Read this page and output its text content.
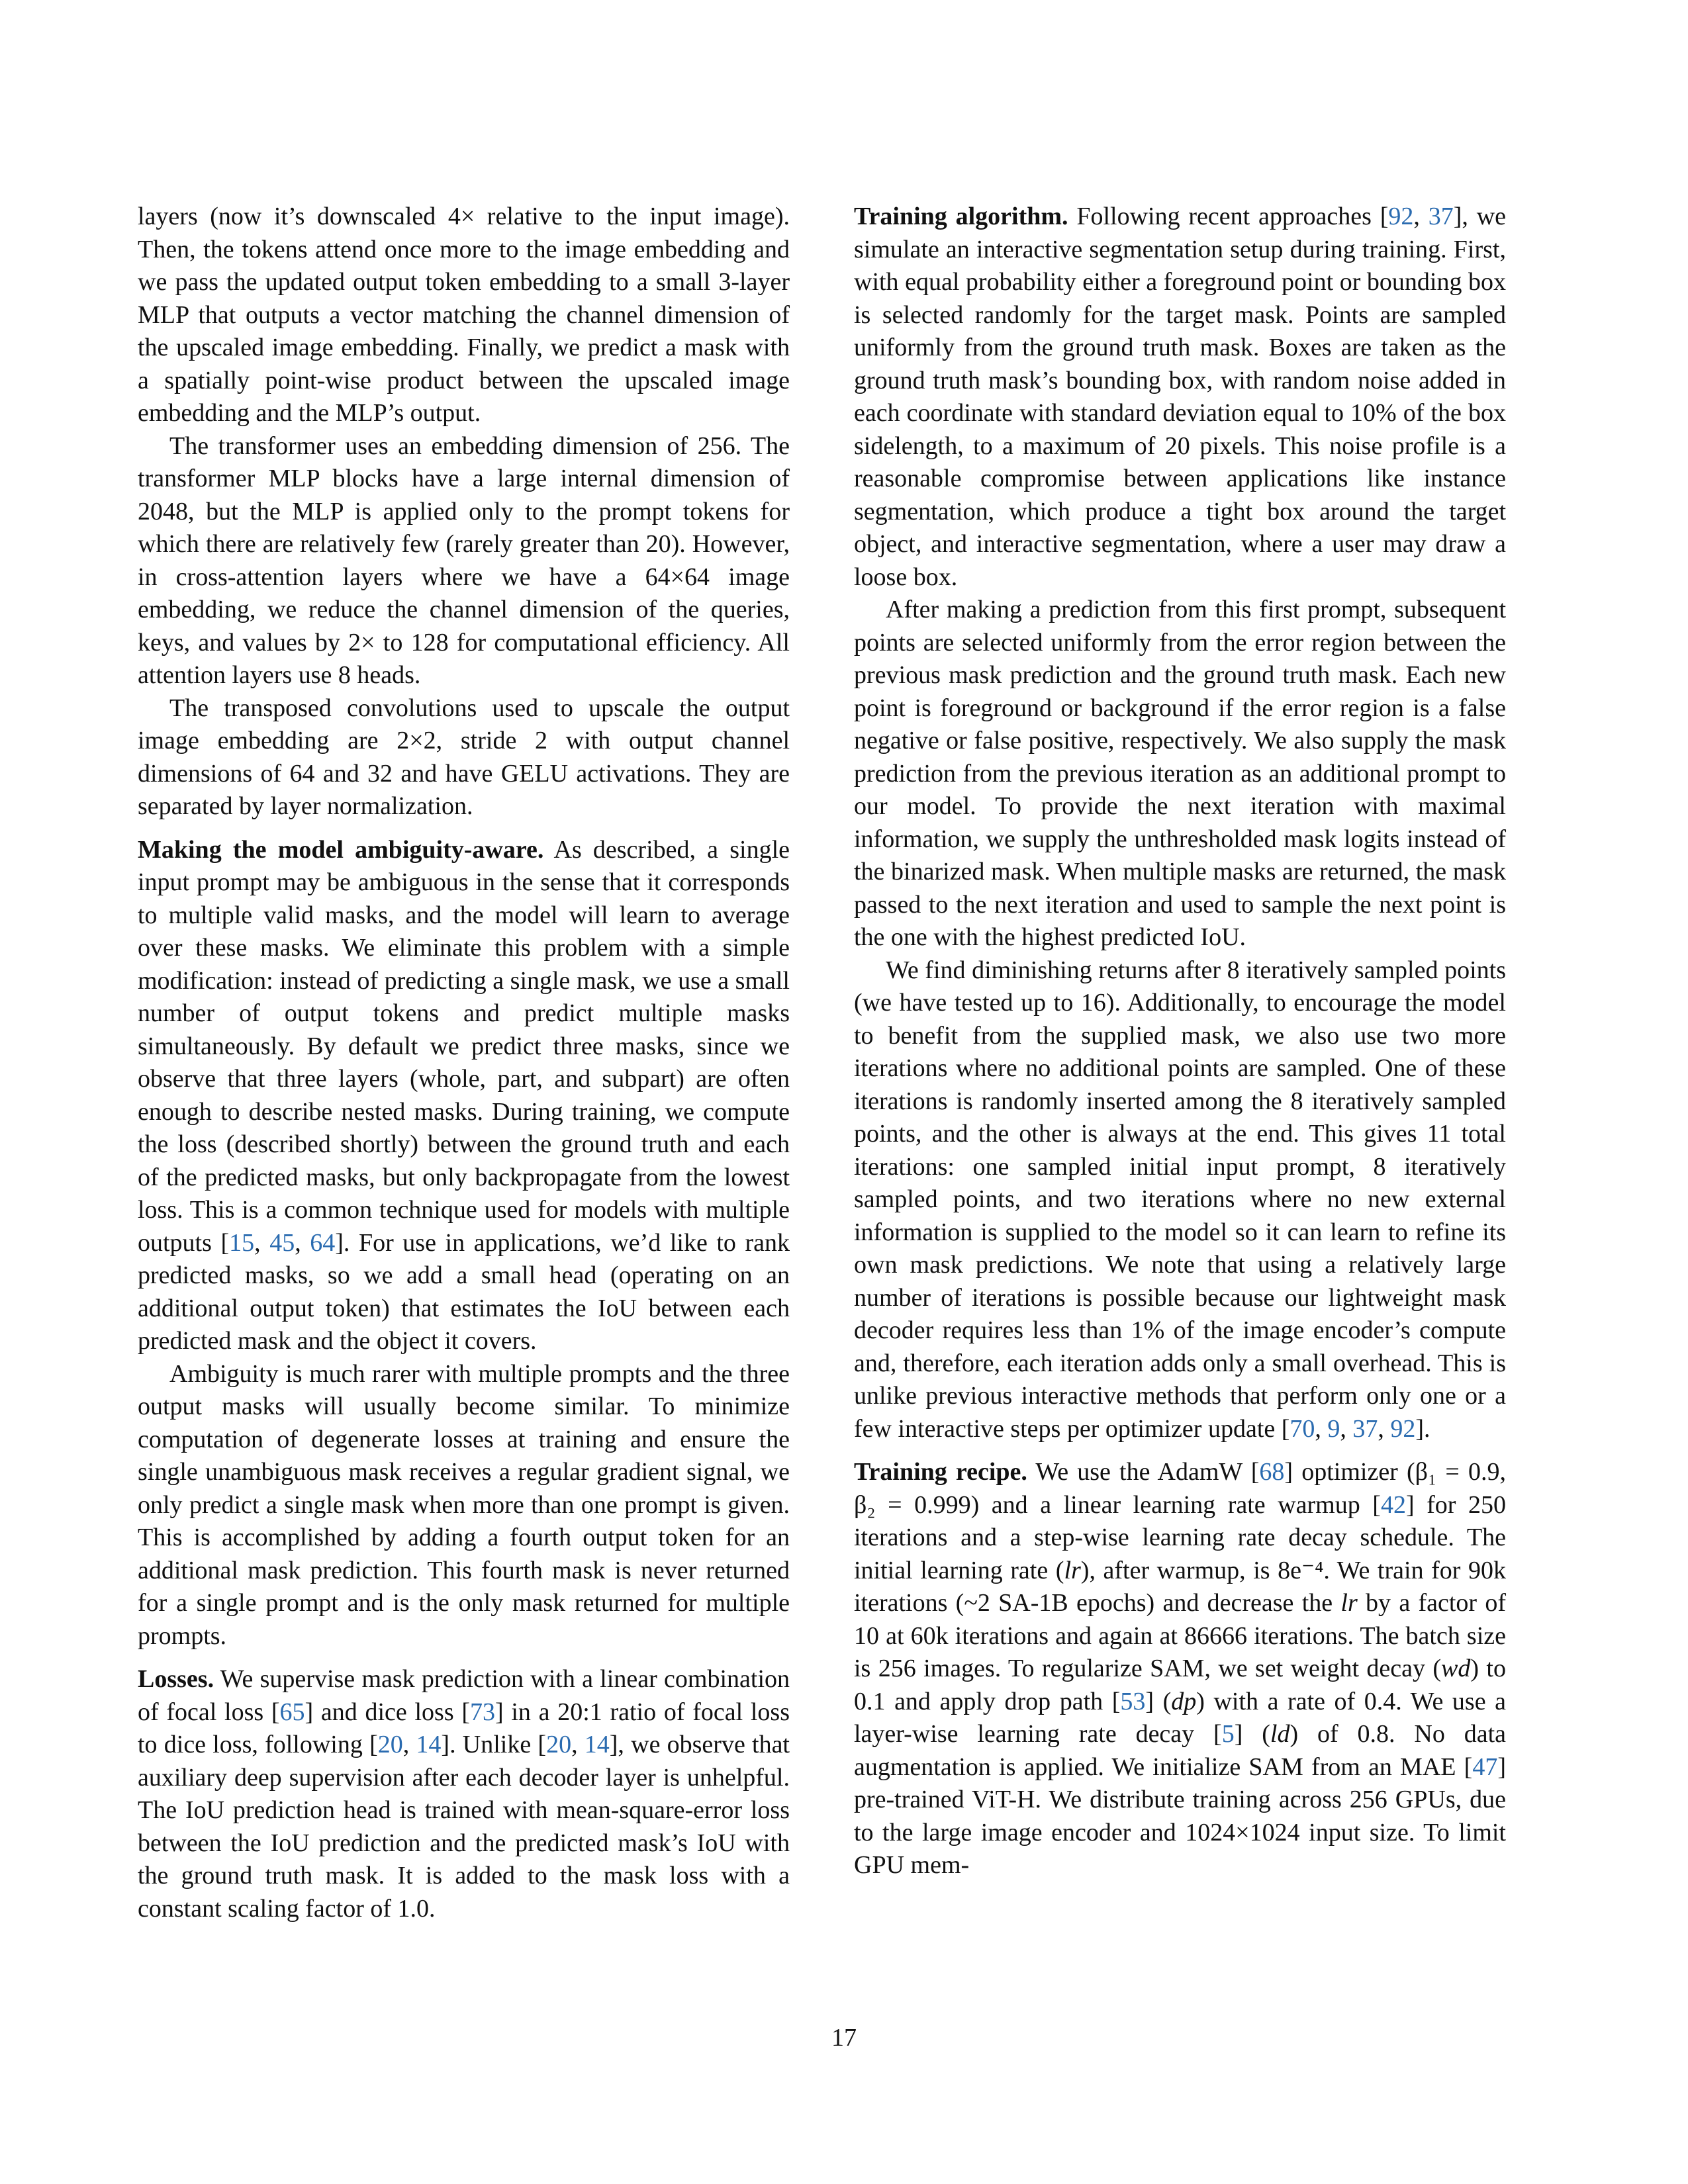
layers (now it’s downscaled 4× relative to the input image). Then, the tokens attend once more to the image embedding and we pass the updated output token embedding to a small 3-layer MLP that outputs a vector matching the channel dimension of the upscaled image embedding. Finally, we predict a mask with a spatially point-wise product between the upscaled image embedding and the MLP’s output.

The transformer uses an embedding dimension of 256. The transformer MLP blocks have a large internal dimension of 2048, but the MLP is applied only to the prompt tokens for which there are relatively few (rarely greater than 20). However, in cross-attention layers where we have a 64×64 image embedding, we reduce the channel dimension of the queries, keys, and values by 2× to 128 for computational efficiency. All attention layers use 8 heads.

The transposed convolutions used to upscale the output image embedding are 2×2, stride 2 with output channel dimensions of 64 and 32 and have GELU activations. They are separated by layer normalization.

Making the model ambiguity-aware. As described, a single input prompt may be ambiguous in the sense that it corresponds to multiple valid masks, and the model will learn to average over these masks. We eliminate this problem with a simple modification: instead of predicting a single mask, we use a small number of output tokens and predict multiple masks simultaneously. By default we predict three masks, since we observe that three layers (whole, part, and subpart) are often enough to describe nested masks. During training, we compute the loss (described shortly) between the ground truth and each of the predicted masks, but only backpropagate from the lowest loss. This is a common technique used for models with multiple outputs [15, 45, 64]. For use in applications, we’d like to rank predicted masks, so we add a small head (operating on an additional output token) that estimates the IoU between each predicted mask and the object it covers.

Ambiguity is much rarer with multiple prompts and the three output masks will usually become similar. To minimize computation of degenerate losses at training and ensure the single unambiguous mask receives a regular gradient signal, we only predict a single mask when more than one prompt is given. This is accomplished by adding a fourth output token for an additional mask prediction. This fourth mask is never returned for a single prompt and is the only mask returned for multiple prompts.

Losses. We supervise mask prediction with a linear combination of focal loss [65] and dice loss [73] in a 20:1 ratio of focal loss to dice loss, following [20, 14]. Unlike [20, 14], we observe that auxiliary deep supervision after each decoder layer is unhelpful. The IoU prediction head is trained with mean-square-error loss between the IoU prediction and the predicted mask’s IoU with the ground truth mask. It is added to the mask loss with a constant scaling factor of 1.0.

Training algorithm. Following recent approaches [92, 37], we simulate an interactive segmentation setup during training. First, with equal probability either a foreground point or bounding box is selected randomly for the target mask. Points are sampled uniformly from the ground truth mask. Boxes are taken as the ground truth mask’s bounding box, with random noise added in each coordinate with standard deviation equal to 10% of the box sidelength, to a maximum of 20 pixels. This noise profile is a reasonable compromise between applications like instance segmentation, which produce a tight box around the target object, and interactive segmentation, where a user may draw a loose box.

After making a prediction from this first prompt, subsequent points are selected uniformly from the error region between the previous mask prediction and the ground truth mask. Each new point is foreground or background if the error region is a false negative or false positive, respectively. We also supply the mask prediction from the previous iteration as an additional prompt to our model. To provide the next iteration with maximal information, we supply the unthresholded mask logits instead of the binarized mask. When multiple masks are returned, the mask passed to the next iteration and used to sample the next point is the one with the highest predicted IoU.

We find diminishing returns after 8 iteratively sampled points (we have tested up to 16). Additionally, to encourage the model to benefit from the supplied mask, we also use two more iterations where no additional points are sampled. One of these iterations is randomly inserted among the 8 iteratively sampled points, and the other is always at the end. This gives 11 total iterations: one sampled initial input prompt, 8 iteratively sampled points, and two iterations where no new external information is supplied to the model so it can learn to refine its own mask predictions. We note that using a relatively large number of iterations is possible because our lightweight mask decoder requires less than 1% of the image encoder’s compute and, therefore, each iteration adds only a small overhead. This is unlike previous interactive methods that perform only one or a few interactive steps per optimizer update [70, 9, 37, 92].

Training recipe. We use the AdamW [68] optimizer (β₁ = 0.9, β₂ = 0.999) and a linear learning rate warmup [42] for 250 iterations and a step-wise learning rate decay schedule. The initial learning rate (lr), after warmup, is 8e⁻⁴. We train for 90k iterations (~2 SA-1B epochs) and decrease the lr by a factor of 10 at 60k iterations and again at 86666 iterations. The batch size is 256 images. To regularize SAM, we set weight decay (wd) to 0.1 and apply drop path [53] (dp) with a rate of 0.4. We use a layer-wise learning rate decay [5] (ld) of 0.8. No data augmentation is applied. We initialize SAM from an MAE [47] pre-trained ViT-H. We distribute training across 256 GPUs, due to the large image encoder and 1024×1024 input size. To limit GPU mem-

17
